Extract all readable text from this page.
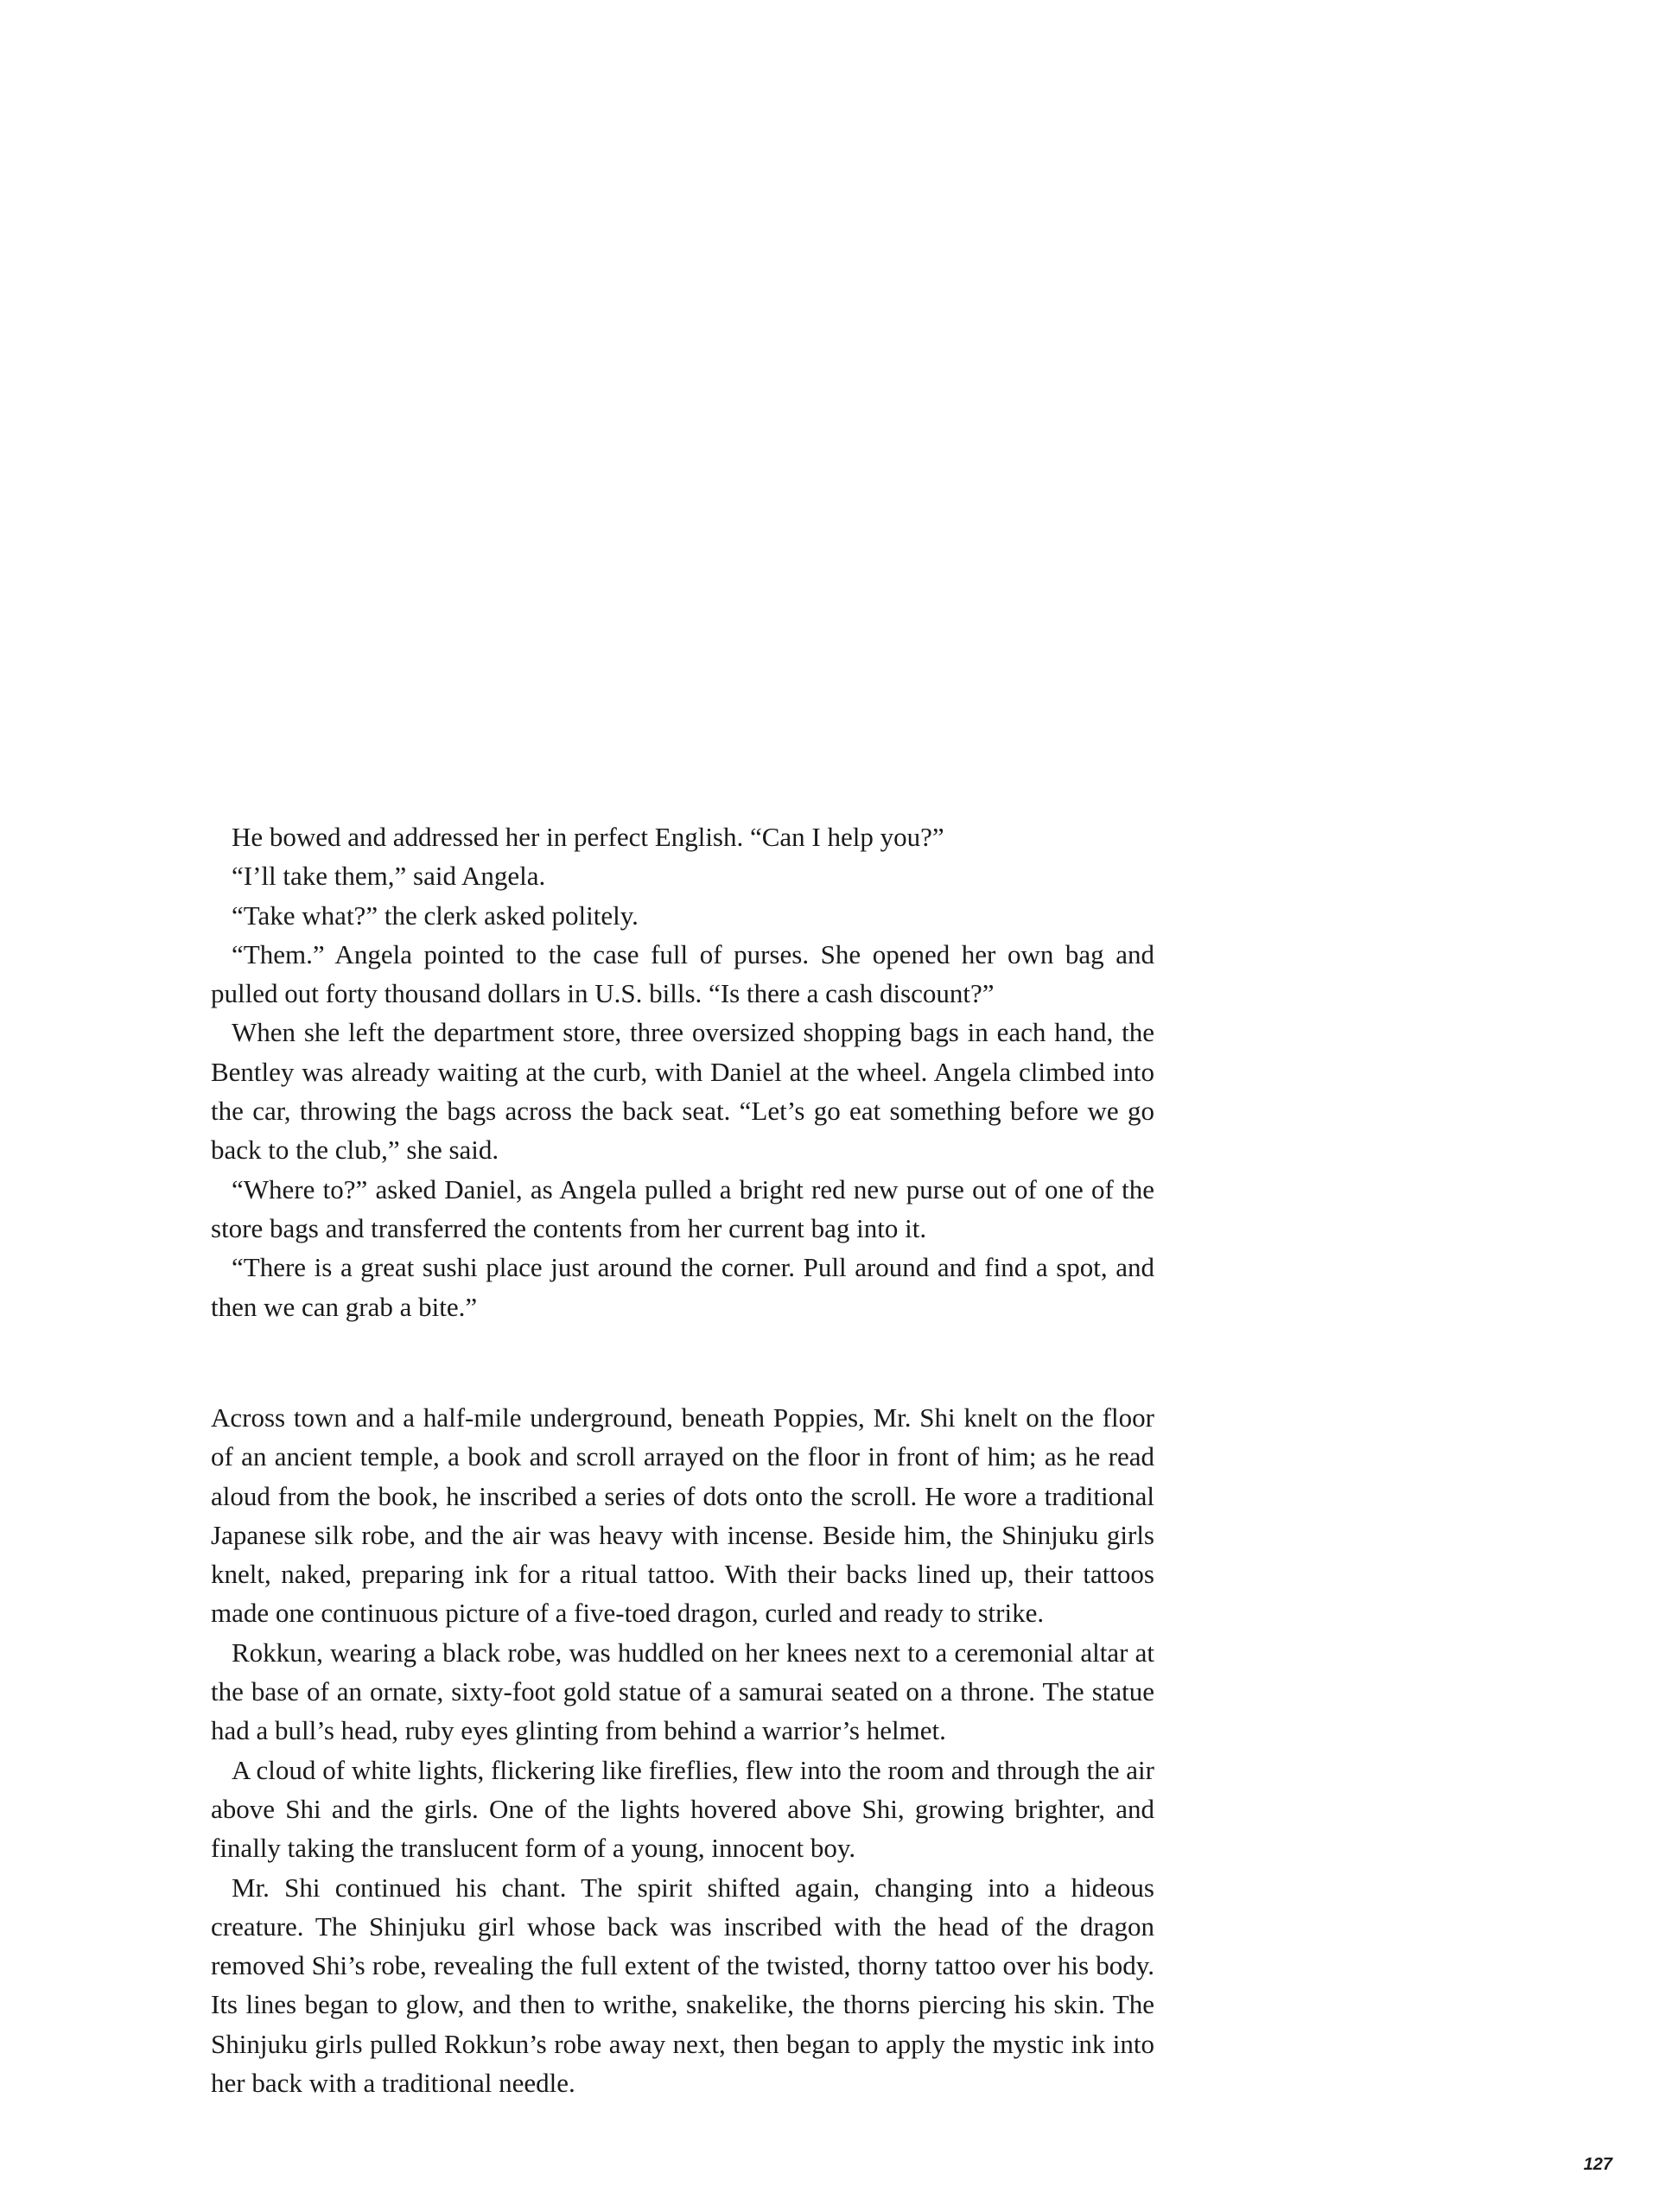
He bowed and addressed her in perfect English. “Can I help you?”

“I’ll take them,” said Angela.

“Take what?” the clerk asked politely.

“Them.” Angela pointed to the case full of purses. She opened her own bag and pulled out forty thousand dollars in U.S. bills. “Is there a cash discount?”

When she left the department store, three oversized shopping bags in each hand, the Bentley was already waiting at the curb, with Daniel at the wheel. Angela climbed into the car, throwing the bags across the back seat. “Let’s go eat something before we go back to the club,” she said.

“Where to?” asked Daniel, as Angela pulled a bright red new purse out of one of the store bags and transferred the contents from her current bag into it.

“There is a great sushi place just around the corner. Pull around and find a spot, and then we can grab a bite.”

Across town and a half-mile underground, beneath Poppies, Mr. Shi knelt on the floor of an ancient temple, a book and scroll arrayed on the floor in front of him; as he read aloud from the book, he inscribed a series of dots onto the scroll. He wore a traditional Japanese silk robe, and the air was heavy with incense. Beside him, the Shinjuku girls knelt, naked, preparing ink for a ritual tattoo. With their backs lined up, their tattoos made one continuous picture of a five-toed dragon, curled and ready to strike.

Rokkun, wearing a black robe, was huddled on her knees next to a ceremonial altar at the base of an ornate, sixty-foot gold statue of a samurai seated on a throne. The statue had a bull’s head, ruby eyes glinting from behind a warrior’s helmet.

A cloud of white lights, flickering like fireflies, flew into the room and through the air above Shi and the girls. One of the lights hovered above Shi, growing brighter, and finally taking the translucent form of a young, innocent boy.

Mr. Shi continued his chant. The spirit shifted again, changing into a hideous creature. The Shinjuku girl whose back was inscribed with the head of the dragon removed Shi’s robe, revealing the full extent of the twisted, thorny tattoo over his body. Its lines began to glow, and then to writhe, snakelike, the thorns piercing his skin. The Shinjuku girls pulled Rokkun’s robe away next, then began to apply the mystic ink into her back with a traditional needle.

127
